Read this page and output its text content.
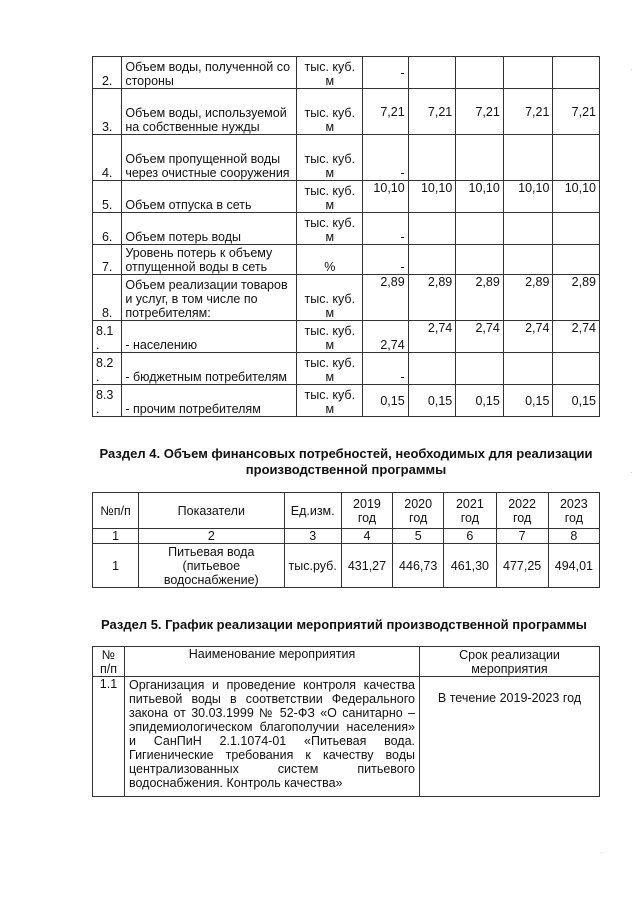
2.	Объем воды, полученной со стороны	тыс. куб. м	-				
3.	Объем воды, используемой на собственные нужды	тыс. куб. м	7,21	7,21	7,21	7,21	7,21
4.	Объем пропущенной воды через очистные сооружения	тыс. куб. м	-				
5.	Объем отпуска в сеть	тыс. куб. м	10,10	10,10	10,10	10,10	10,10
6.	Объем потерь воды	тыс. куб. м	-				
7.	Уровень потерь к объему отпущенной воды в сеть	%	-				
8.	Объем реализации товаров и услуг, в том числе по потребителям:	тыс. куб. м	2,89	2,89	2,89	2,89	2,89
8.1 .	- населению	тыс. куб. м	2,74	2,74	2,74	2,74	2,74
8.2 .	- бюджетным потребителям	тыс. куб. м	-				
8.3 .	- прочим потребителям	тыс. куб. м	0,15	0,15	0,15	0,15	0,15
Раздел 4. Объем финансовых потребностей, необходимых для реализации производственной программы
№п/п	Показатели	Ед.изм.	2019 год	2020 год	2021 год	2022 год	2023 год
1	2	3	4	5	6	7	8
1	Питьевая вода (питьевое водоснабжение)	тыс.руб.	431,27	446,73	461,30	477,25	494,01
Раздел 5. График реализации мероприятий производственной программы
№ п/п	Наименование мероприятия	Срок реализации мероприятия
1.1	Организация и проведение контроля качества питьевой воды в соответствии Федерального закона от 30.03.1999 № 52-ФЗ «О санитарно – эпидемиологическом благополучии населения» и СанПиН 2.1.1074-01 «Питьевая вода. Гигиенические требования к качеству воды централизованных систем питьевого водоснабжения. Контроль качества»	В течение 2019-2023 год
·
·
·
